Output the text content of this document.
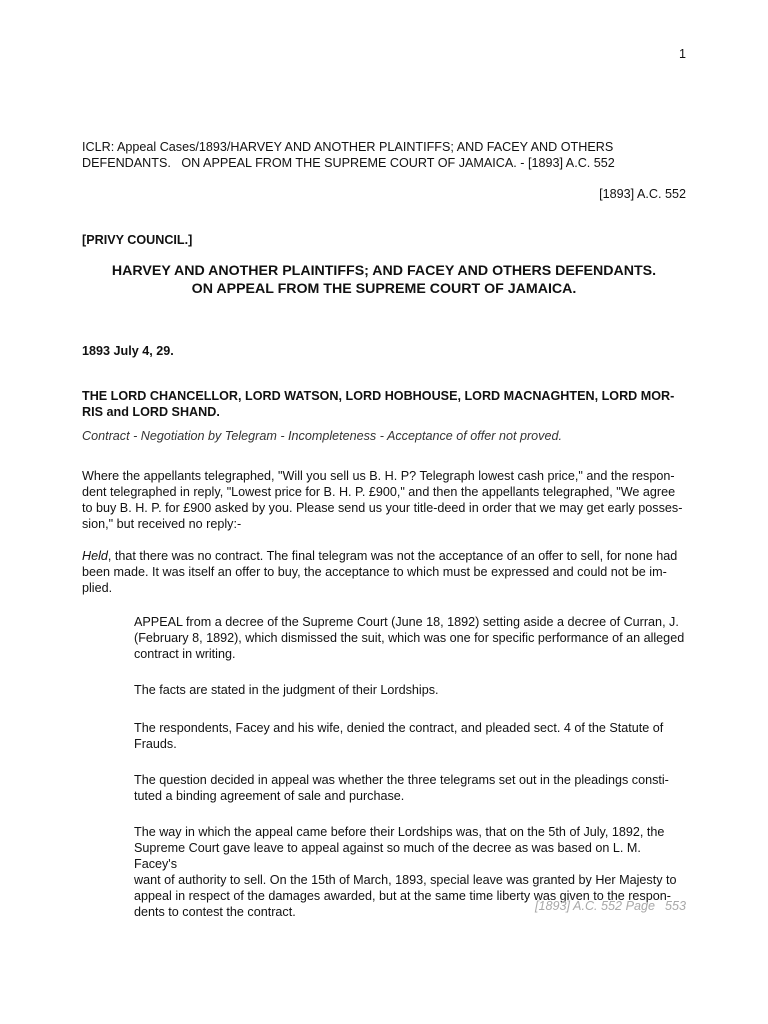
1
ICLR: Appeal Cases/1893/HARVEY AND ANOTHER PLAINTIFFS; AND FACEY AND OTHERS
DEFENDANTS.   ON APPEAL FROM THE SUPREME COURT OF JAMAICA. - [1893] A.C. 552
[1893] A.C. 552
[PRIVY COUNCIL.]
HARVEY AND ANOTHER PLAINTIFFS; AND FACEY AND OTHERS DEFENDANTS.
ON APPEAL FROM THE SUPREME COURT OF JAMAICA.
1893 July 4, 29.
THE LORD CHANCELLOR, LORD WATSON, LORD HOBHOUSE, LORD MACNAGHTEN, LORD MOR-
RIS and LORD SHAND.
Contract - Negotiation by Telegram - Incompleteness - Acceptance of offer not proved.
Where the appellants telegraphed, "Will you sell us B. H. P? Telegraph lowest cash price," and the respon-
dent telegraphed in reply, "Lowest price for B. H. P. £900," and then the appellants telegraphed, "We agree
to buy B. H. P. for £900 asked by you. Please send us your title-deed in order that we may get early posses-
sion," but received no reply:-
Held, that there was no contract. The final telegram was not the acceptance of an offer to sell, for none had
been made. It was itself an offer to buy, the acceptance to which must be expressed and could not be im-
plied.
APPEAL from a decree of the Supreme Court (June 18, 1892) setting aside a decree of Curran, J.
(February 8, 1892), which dismissed the suit, which was one for specific performance of an alleged
contract in writing.
The facts are stated in the judgment of their Lordships.
The respondents, Facey and his wife, denied the contract, and pleaded sect. 4 of the Statute of
Frauds.
The question decided in appeal was whether the three telegrams set out in the pleadings consti-
tuted a binding agreement of sale and purchase.
The way in which the appeal came before their Lordships was, that on the 5th of July, 1892, the
Supreme Court gave leave to appeal against so much of the decree as was based on L. M. Facey's
want of authority to sell. On the 15th of March, 1893, special leave was granted by Her Majesty to
appeal in respect of the damages awarded, but at the same time liberty was given to the respon-
dents to contest the contract.	[1893] A.C. 552 Page 553
